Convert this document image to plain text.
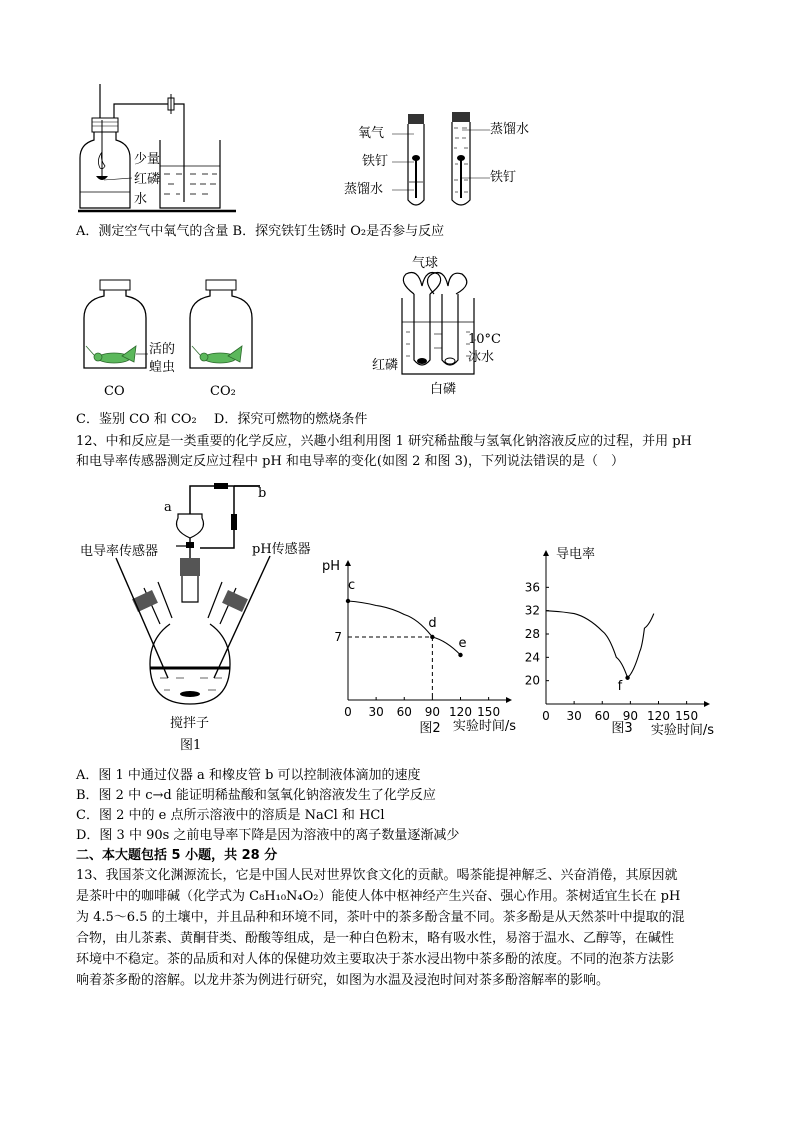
少量
红磷
水
氧气
铁钉
蒸馏水
蒸馏水
铁钉
A．测定空气中氧气的含量 B．探究铁钉生锈时 O₂是否参与反应
活的
蝗虫
CO	CO₂
气球
10°C
冰水
红磷
白磷
C．鉴别 CO 和 CO₂　 D．探究可燃物的燃烧条件
12、中和反应是一类重要的化学反应，兴趣小组利用图 1 研究稀盐酸与氢氧化钠溶液反应的过程，并用 pH
和电导率传感器测定反应过程中 pH 和电导率的变化(如图 2 和图 3)，下列说法错误的是（　）
b
a
电导率传感器	pH传感器
搅拌子
图1
0 30 60 90 120 150
7
pH
实验时间/s
c
d
e
图2
0 30 60 90 120 150
20
24
28
32
36
导电率
实验时间/s
f
图3
A．图 1 中通过仪器 a 和橡皮管 b 可以控制液体滴加的速度
B．图 2 中 c→d 能证明稀盐酸和氢氧化钠溶液发生了化学反应
C．图 2 中的 e 点所示溶液中的溶质是 NaCl 和 HCl
D．图 3 中 90s 之前电导率下降是因为溶液中的离子数量逐渐减少
二、本大题包括 5 小题，共 28 分
13、我国茶文化渊源流长，它是中国人民对世界饮食文化的贡献。喝茶能提神解乏、兴奋消倦，其原因就
是茶叶中的咖啡碱（化学式为 C₈H₁₀N₄O₂）能使人体中枢神经产生兴奋、强心作用。茶树适宜生长在 pH
为 4.5～6.5 的土壤中，并且品种和环境不同，茶叶中的茶多酚含量不同。茶多酚是从天然茶叶中提取的混
合物，由儿茶素、黄酮苷类、酚酸等组成，是一种白色粉末，略有吸水性，易溶于温水、乙醇等，在碱性
环境中不稳定。茶的品质和对人体的保健功效主要取决于茶水浸出物中茶多酚的浓度。不同的泡茶方法影
响着茶多酚的溶解。以龙井茶为例进行研究，如图为水温及浸泡时间对茶多酚溶解率的影响。
